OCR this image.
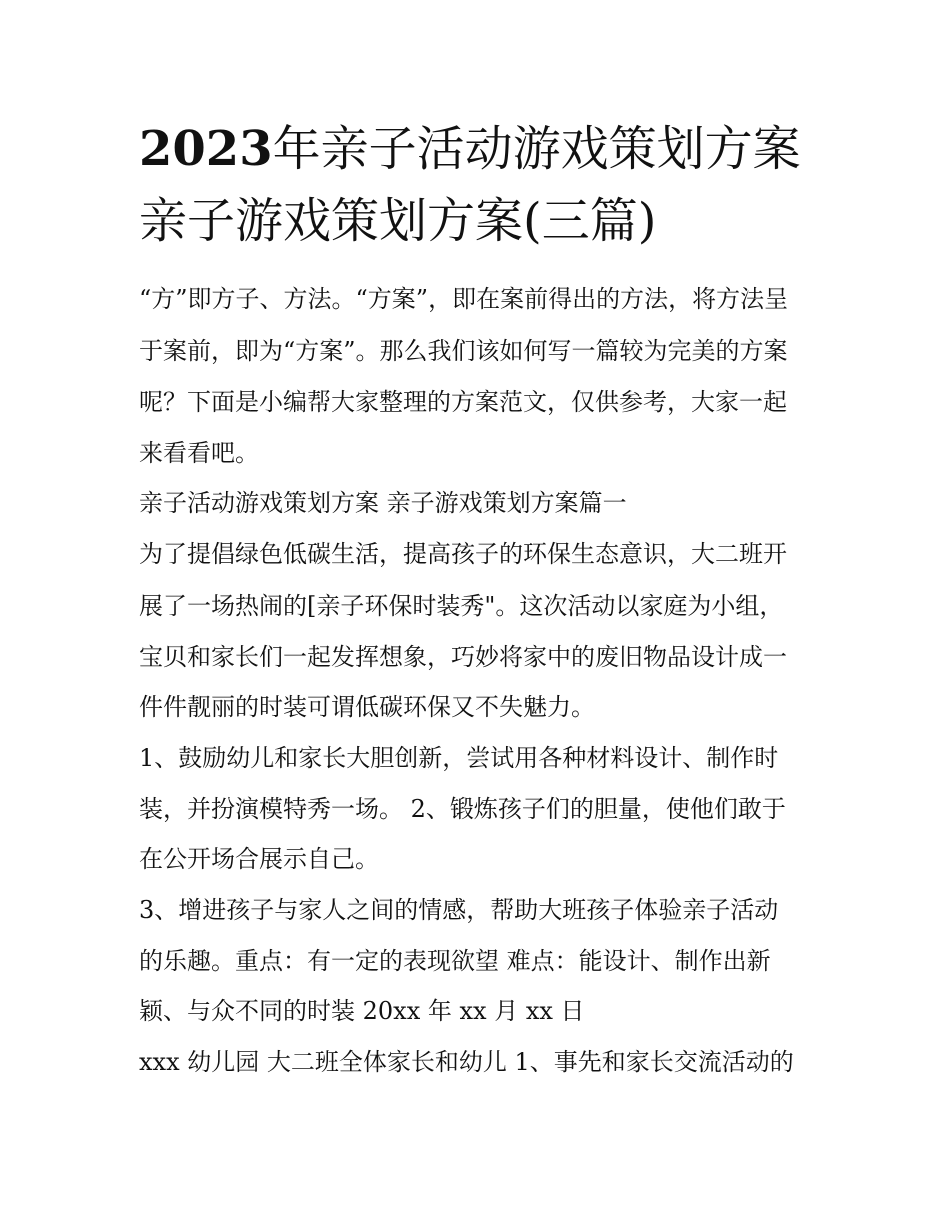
2023年亲子活动游戏策划方案
亲子游戏策划方案(三篇)

“方”即方子、方法。“方案”，即在案前得出的方法，将方法呈

于案前，即为“方案”。那么我们该如何写一篇较为完美的方案

呢？下面是小编帮大家整理的方案范文，仅供参考，大家一起

来看看吧。

亲子活动游戏策划方案 亲子游戏策划方案篇一

为了提倡绿色低碳生活，提高孩子的环保生态意识，大二班开

展了一场热闹的[亲子环保时装秀"。这次活动以家庭为小组，

宝贝和家长们一起发挥想象，巧妙将家中的废旧物品设计成一

件件靓丽的时装可谓低碳环保又不失魅力。

1、鼓励幼儿和家长大胆创新，尝试用各种材料设计、制作时

装，并扮演模特秀一场。 2、锻炼孩子们的胆量，使他们敢于

在公开场合展示自己。

3、增进孩子与家人之间的情感，帮助大班孩子体验亲子活动

的乐趣。重点：有一定的表现欲望 难点：能设计、制作出新

颖、与众不同的时装 20xx 年 xx 月 xx 日

xxx 幼儿园 大二班全体家长和幼儿 1、事先和家长交流活动的
